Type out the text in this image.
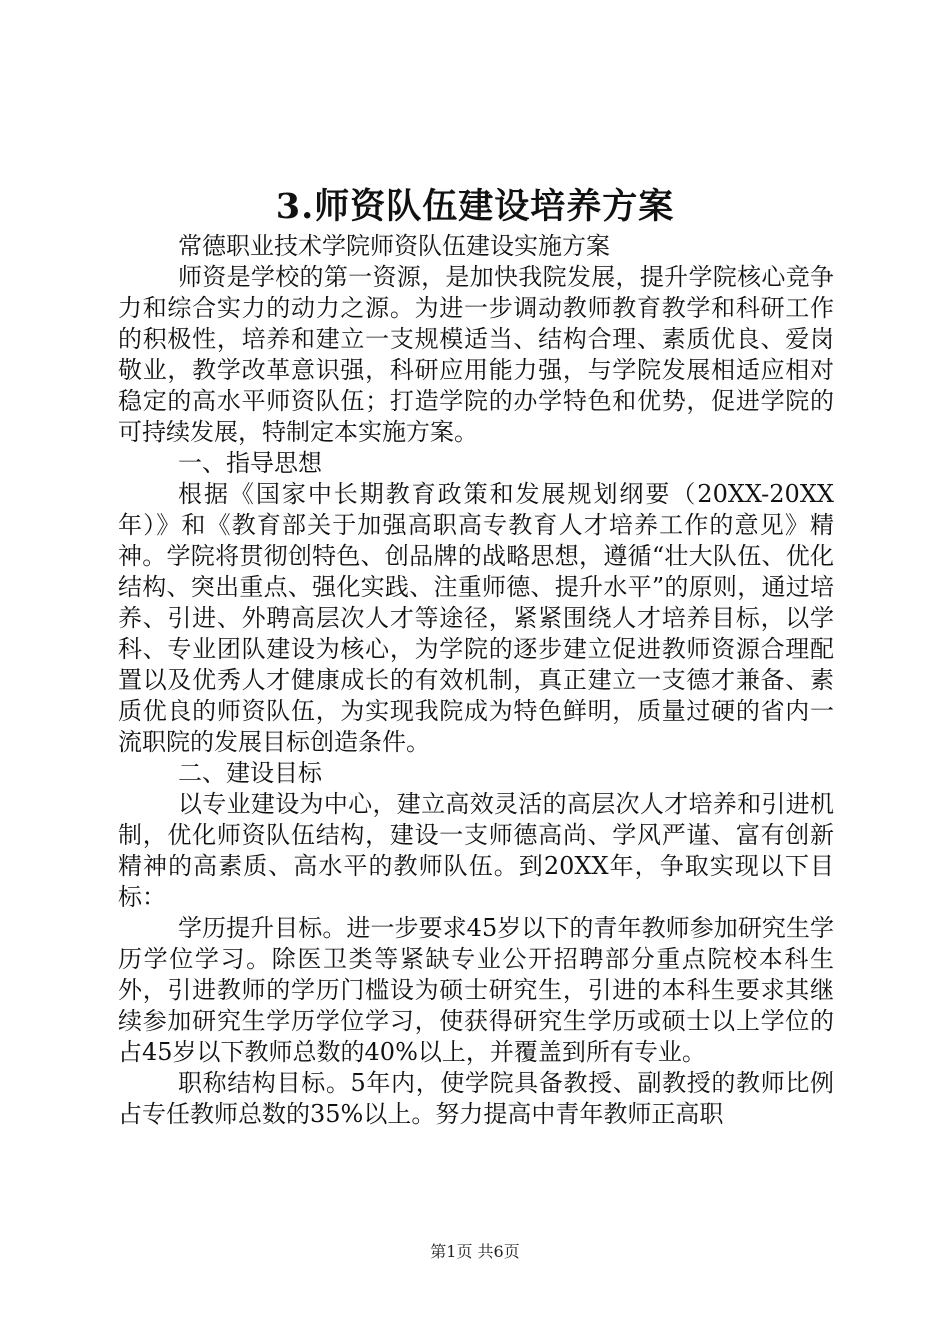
3.师资队伍建设培养方案

常德职业技术学院师资队伍建设实施方案

师资是学校的第一资源，是加快我院发展，提升学院核心竞争力和综合实力的动力之源。为进一步调动教师教育教学和科研工作的积极性，培养和建立一支规模适当、结构合理、素质优良、爱岗敬业，教学改革意识强，科研应用能力强，与学院发展相适应相对稳定的高水平师资队伍；打造学院的办学特色和优势，促进学院的可持续发展，特制定本实施方案。

一、指导思想

根据《国家中长期教育政策和发展规划纲要（20XX-20XX年）》和《教育部关于加强高职高专教育人才培养工作的意见》精神。学院将贯彻创特色、创品牌的战略思想，遵循“壮大队伍、优化结构、突出重点、强化实践、注重师德、提升水平”的原则，通过培养、引进、外聘高层次人才等途径，紧紧围绕人才培养目标，以学科、专业团队建设为核心，为学院的逐步建立促进教师资源合理配置以及优秀人才健康成长的有效机制，真正建立一支德才兼备、素质优良的师资队伍，为实现我院成为特色鲜明，质量过硬的省内一流职院的发展目标创造条件。

二、建设目标

以专业建设为中心，建立高效灵活的高层次人才培养和引进机制，优化师资队伍结构，建设一支师德高尚、学风严谨、富有创新精神的高素质、高水平的教师队伍。到20XX年，争取实现以下目标：

学历提升目标。进一步要求45岁以下的青年教师参加研究生学历学位学习。除医卫类等紧缺专业公开招聘部分重点院校本科生外，引进教师的学历门槛设为硕士研究生，引进的本科生要求其继续参加研究生学历学位学习，使获得研究生学历或硕士以上学位的占45岁以下教师总数的40%以上，并覆盖到所有专业。

职称结构目标。5年内，使学院具备教授、副教授的教师比例占专任教师总数的35%以上。努力提高中青年教师正高职

第1页 共6页
